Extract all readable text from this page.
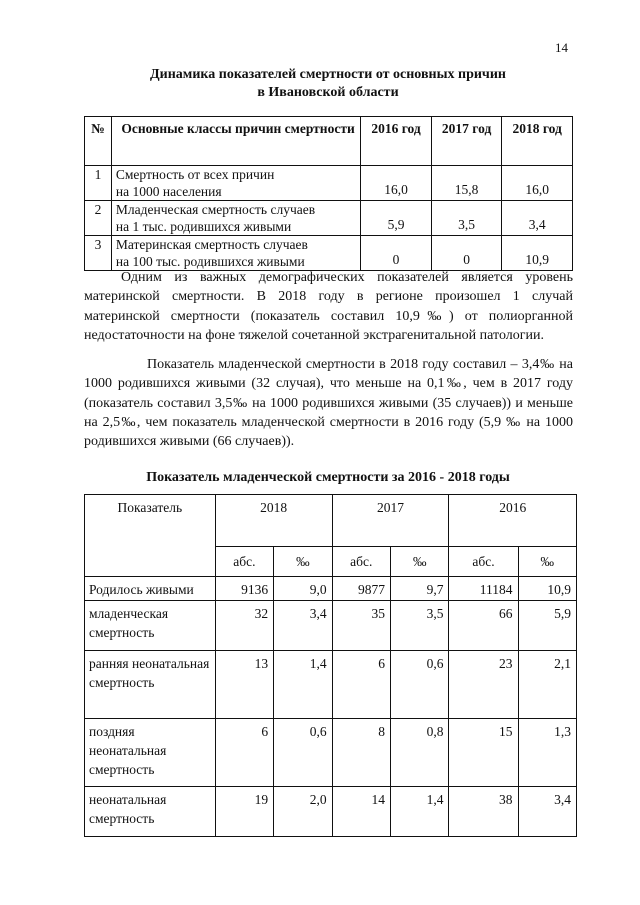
14
Динамика показателей смертности от основных причин
в Ивановской области
№	Основные классы причин смертности	2016 год	2017 год	2018 год
1	Смертность от всех причин
на 1000 населения	16,0	15,8	16,0
2	Младенческая смертность случаев
на 1 тыс. родившихся живыми	5,9	3,5	3,4
3	Материнская смертность случаев
на 100 тыс. родившихся живыми	0	0	10,9

Одним из важных демографических показателей является уровень материнской смертности. В 2018 году в регионе произошел 1 случай материнской смертности (показатель составил 10,9‰) от полиорганной недостаточности на фоне тяжелой сочетанной экстрагенитальной патологии.

Показатель младенческой смертности в 2018 году составил – 3,4‰ на 1000 родившихся живыми (32 случая), что меньше на 0,1‰, чем в 2017 году (показатель составил 3,5‰ на 1000 родившихся живыми (35 случаев)) и меньше на 2,5‰, чем показатель младенческой смертности в 2016 году (5,9 ‰ на 1000 родившихся живыми (66 случаев)).

Показатель младенческой смертности за 2016 - 2018 годы
Показатель	2018		2017		2016	
	абс.	‰	абс.	‰	абс.	‰
Родилось живыми	9136	9,0	9877	9,7	11184	10,9
младенческая смертность	32	3,4	35	3,5	66	5,9
ранняя неонатальная смертность	13	1,4	6	0,6	23	2,1
поздняя неонатальная смертность	6	0,6	8	0,8	15	1,3
неонатальная смертность	19	2,0	14	1,4	38	3,4
